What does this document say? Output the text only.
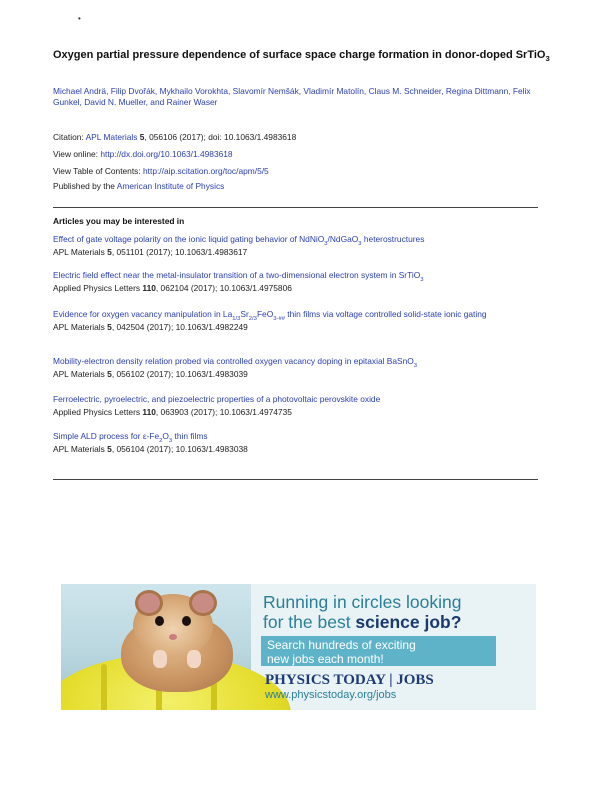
•
Oxygen partial pressure dependence of surface space charge formation in donor-doped SrTiO$_3$
Michael Andrä, Filip Dvořák, Mykhailo Vorokhta, Slavomír Nemšák, Vladimír Matolín, Claus M. Schneider, Regina Dittmann, Felix Gunkel, David N. Mueller, and Rainer Waser
Citation: APL Materials 5, 056106 (2017); doi: 10.1063/1.4983618
View online: http://dx.doi.org/10.1063/1.4983618
View Table of Contents: http://aip.scitation.org/toc/apm/5/5
Published by the American Institute of Physics
Articles you may be interested in
Effect of gate voltage polarity on the ionic liquid gating behavior of NdNiO$_3$/NdGaO$_3$ heterostructures
APL Materials 5, 051101 (2017); 10.1063/1.4983617
Electric field effect near the metal-insulator transition of a two-dimensional electron system in SrTiO$_3$
Applied Physics Letters 110, 062104 (2017); 10.1063/1.4975806
Evidence for oxygen vacancy manipulation in $La_{1/3}Sr_{2/3}FeO_{3-\#\#}$ thin films via voltage controlled solid-state ionic gating
APL Materials 5, 042504 (2017); 10.1063/1.4982249
Mobility-electron density relation probed via controlled oxygen vacancy doping in epitaxial BaSnO$_3$
APL Materials 5, 056102 (2017); 10.1063/1.4983039
Ferroelectric, pyroelectric, and piezoelectric properties of a photovoltaic perovskite oxide
Applied Physics Letters 110, 063903 (2017); 10.1063/1.4974735
Simple ALD process for $\varepsilon-Fe_2O_3$ thin films
APL Materials 5, 056104 (2017); 10.1063/1.4983038
Running in circles looking
for the best science job?
Search hundreds of exciting
new jobs each month!
PHYSICS TODAY | JOBS
www.physicstoday.org/jobs
